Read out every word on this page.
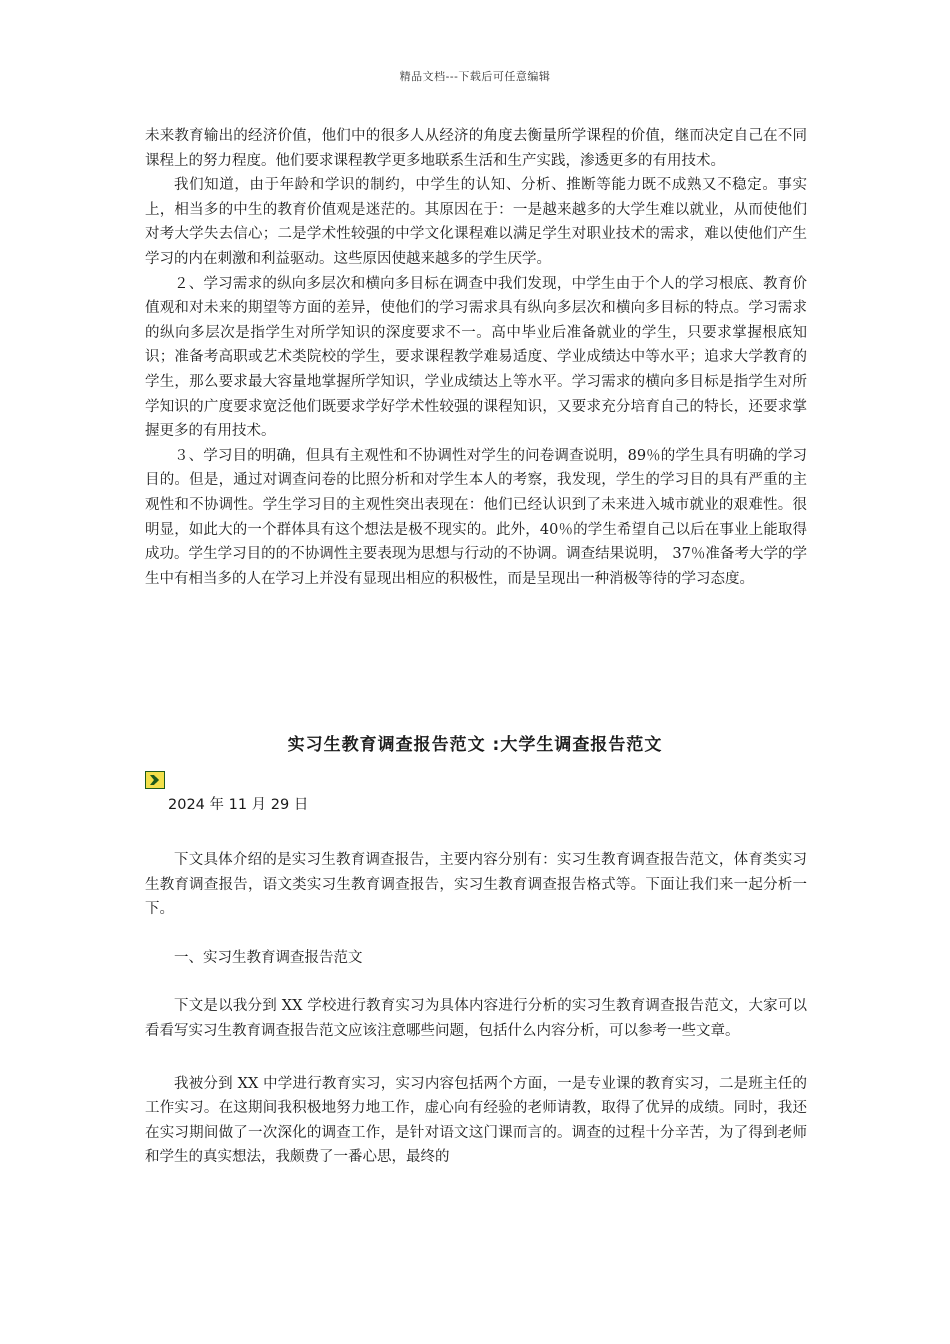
精品文档---下载后可任意编辑

未来教育输出的经济价值，他们中的很多人从经济的角度去衡量所学课程的价值，继而决定自己在不同课程上的努力程度。他们要求课程教学更多地联系生活和生产实践，渗透更多的有用技术。

我们知道，由于年龄和学识的制约，中学生的认知、分析、推断等能力既不成熟又不稳定。事实上，相当多的中生的教育价值观是迷茫的。其原因在于：一是越来越多的大学生难以就业，从而使他们对考大学失去信心；二是学术性较强的中学文化课程难以满足学生对职业技术的需求，难以使他们产生学习的内在刺激和利益驱动。这些原因使越来越多的学生厌学。

２、学习需求的纵向多层次和横向多目标在调查中我们发现，中学生由于个人的学习根底、教育价值观和对未来的期望等方面的差异，使他们的学习需求具有纵向多层次和横向多目标的特点。学习需求的纵向多层次是指学生对所学知识的深度要求不一。高中毕业后准备就业的学生，只要求掌握根底知识；准备考高职或艺术类院校的学生，要求课程教学难易适度、学业成绩达中等水平；追求大学教育的学生，那么要求最大容量地掌握所学知识，学业成绩达上等水平。学习需求的横向多目标是指学生对所学知识的广度要求宽泛他们既要求学好学术性较强的课程知识，又要求充分培育自己的特长，还要求掌握更多的有用技术。

３、学习目的明确，但具有主观性和不协调性对学生的问卷调查说明，89％的学生具有明确的学习目的。但是，通过对调查问卷的比照分析和对学生本人的考察，我发现，学生的学习目的具有严重的主观性和不协调性。学生学习目的主观性突出表现在：他们已经认识到了未来进入城市就业的艰难性。很明显，如此大的一个群体具有这个想法是极不现实的。此外，40％的学生希望自己以后在事业上能取得成功。学生学习目的的不协调性主要表现为思想与行动的不协调。调查结果说明， 37％准备考大学的学生中有相当多的人在学习上并没有显现出相应的积极性，而是呈现出一种消极等待的学习态度。

实习生教育调查报告范文 :大学生调查报告范文
2024 年 11 月 29 日

下文具体介绍的是实习生教育调查报告，主要内容分别有：实习生教育调查报告范文，体育类实习生教育调查报告，语文类实习生教育调查报告，实习生教育调查报告格式等。下面让我们来一起分析一下。

一、实习生教育调查报告范文

下文是以我分到 XX 学校进行教育实习为具体内容进行分析的实习生教育调查报告范文，大家可以看看写实习生教育调查报告范文应该注意哪些问题，包括什么内容分析，可以参考一些文章。

我被分到 XX 中学进行教育实习，实习内容包括两个方面，一是专业课的教育实习，二是班主任的工作实习。在这期间我积极地努力地工作，虚心向有经验的老师请教，取得了优异的成绩。同时，我还在实习期间做了一次深化的调查工作，是针对语文这门课而言的。调查的过程十分辛苦，为了得到老师和学生的真实想法，我颇费了一番心思，最终的
